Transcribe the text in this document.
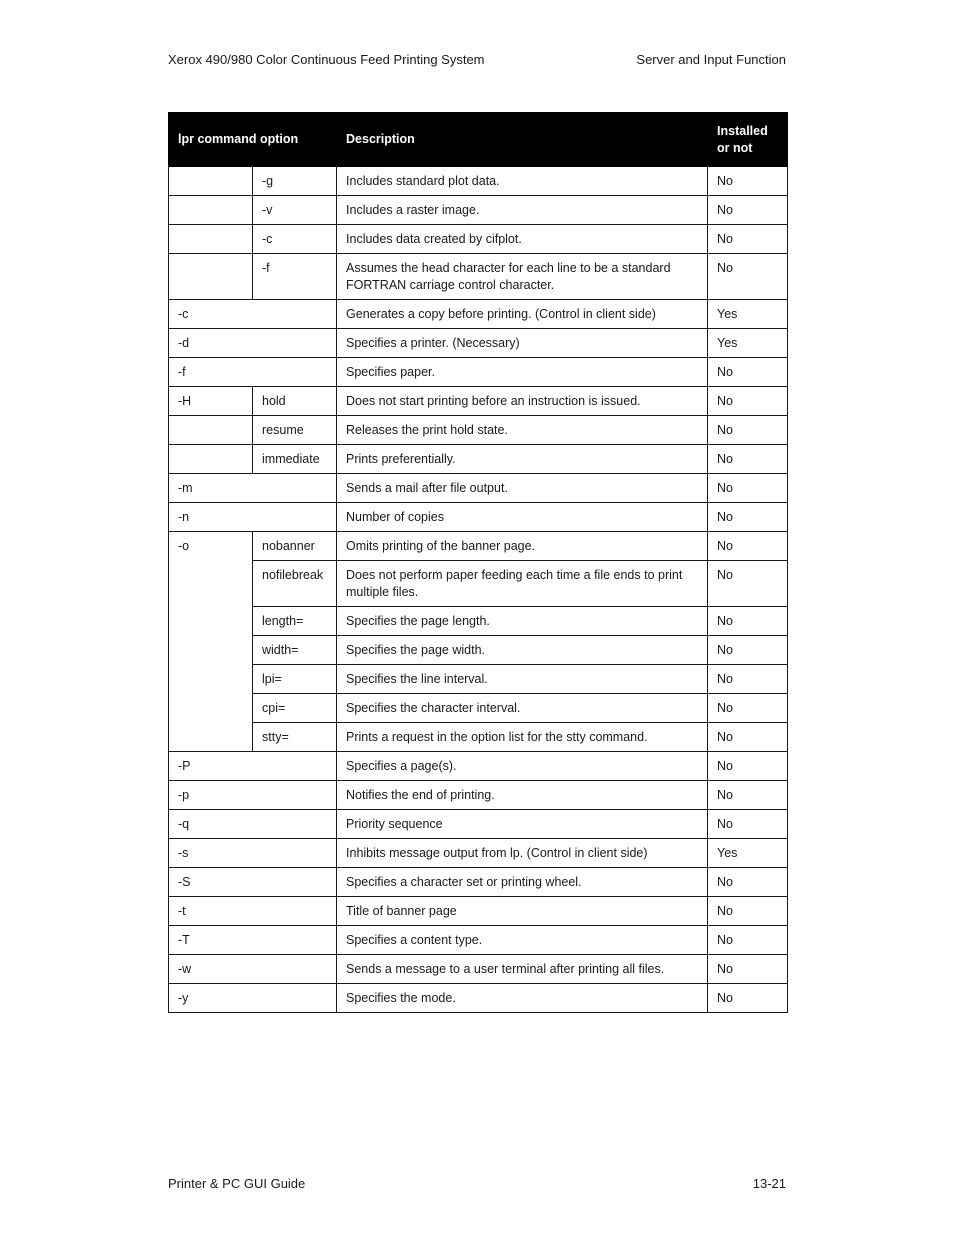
Xerox 490/980 Color Continuous Feed Printing System	Server and Input Function
lpr command option		Description	Installed or not
	-g	Includes standard plot data.	No
	-v	Includes a raster image.	No
	-c	Includes data created by cifplot.	No
	-f	Assumes the head character for each line to be a standard FORTRAN carriage control character.	No
-c		Generates a copy before printing. (Control in client side)	Yes
-d		Specifies a printer. (Necessary)	Yes
-f		Specifies paper.	No
-H	hold	Does not start printing before an instruction is issued.	No
	resume	Releases the print hold state.	No
	immediate	Prints preferentially.	No
-m		Sends a mail after file output.	No
-n		Number of copies	No
-o	nobanner	Omits printing of the banner page.	No
	nofilebreak	Does not perform paper feeding each time a file ends to print multiple files.	No
	length=	Specifies the page length.	No
	width=	Specifies the page width.	No
	lpi=	Specifies the line interval.	No
	cpi=	Specifies the character interval.	No
	stty=	Prints a request in the option list for the stty command.	No
-P		Specifies a page(s).	No
-p		Notifies the end of printing.	No
-q		Priority sequence	No
-s		Inhibits message output from lp. (Control in client side)	Yes
-S		Specifies a character set or printing wheel.	No
-t		Title of banner page	No
-T		Specifies a content type.	No
-w		Sends a message to a user terminal after printing all files.	No
-y		Specifies the mode.	No
Printer & PC GUI Guide	13-21
